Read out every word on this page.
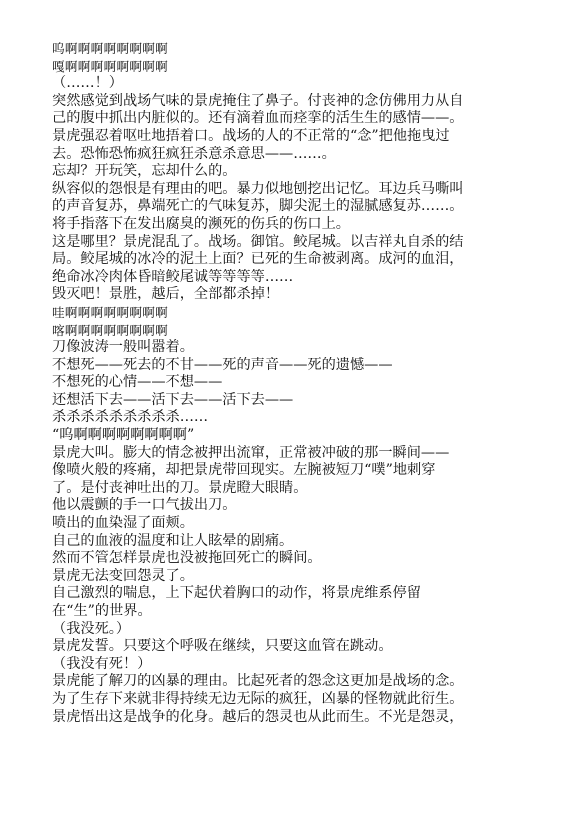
呜啊啊啊啊啊啊啊啊
嘎啊啊啊啊啊啊啊啊
（……！）
突然感觉到战场气味的景虎掩住了鼻子。付丧神的念仿佛用力从自
己的腹中抓出内脏似的。还有滴着血而痉挛的活生生的感情——。
景虎强忍着呕吐地捂着口。战场的人的不正常的“念”把他拖曳过
去。恐怖恐怖疯狂疯狂杀意杀意思——……。
忘却？开玩笑，忘却什么的。
纵容似的怨恨是有理由的吧。暴力似地刨挖出记忆。耳边兵马嘶叫
的声音复苏，鼻端死亡的气味复苏，脚尖泥土的湿腻感复苏……。
将手指落下在发出腐臭的濒死的伤兵的伤口上。
这是哪里？景虎混乱了。战场。御馆。鲛尾城。以吉祥丸自杀的结
局。鲛尾城的冰冷的泥土上面？已死的生命被剥离。成河的血泪，
绝命冰冷肉体昏暗鲛尾诚等等等等……
毁灭吧！景胜，越后，全部都杀掉！
哇啊啊啊啊啊啊啊啊
喀啊啊啊啊啊啊啊啊
刀像波涛一般叫嚣着。
不想死——死去的不甘——死的声音——死的遗憾——
不想死的心情——不想——
还想活下去——活下去——活下去——
杀杀杀杀杀杀杀杀杀……
“呜啊啊啊啊啊啊啊啊”
景虎大叫。膨大的情念被押出流窜，正常被冲破的那一瞬间——
像喷火般的疼痛，却把景虎带回现实。左腕被短刀“噗”地刺穿
了。是付丧神吐出的刀。景虎瞪大眼睛。
他以震颤的手一口气拔出刀。
喷出的血染湿了面颊。
自己的血液的温度和让人眩晕的剧痛。
然而不管怎样景虎也没被拖回死亡的瞬间。
景虎无法变回怨灵了。
自己激烈的喘息，上下起伏着胸口的动作，将景虎维系停留
在“生”的世界。
（我没死。）
景虎发誓。只要这个呼吸在继续，只要这血管在跳动。
（我没有死！）
景虎能了解刀的凶暴的理由。比起死者的怨念这更加是战场的念。
为了生存下来就非得持续无边无际的疯狂，凶暴的怪物就此衍生。
景虎悟出这是战争的化身。越后的怨灵也从此而生。不光是怨灵，
